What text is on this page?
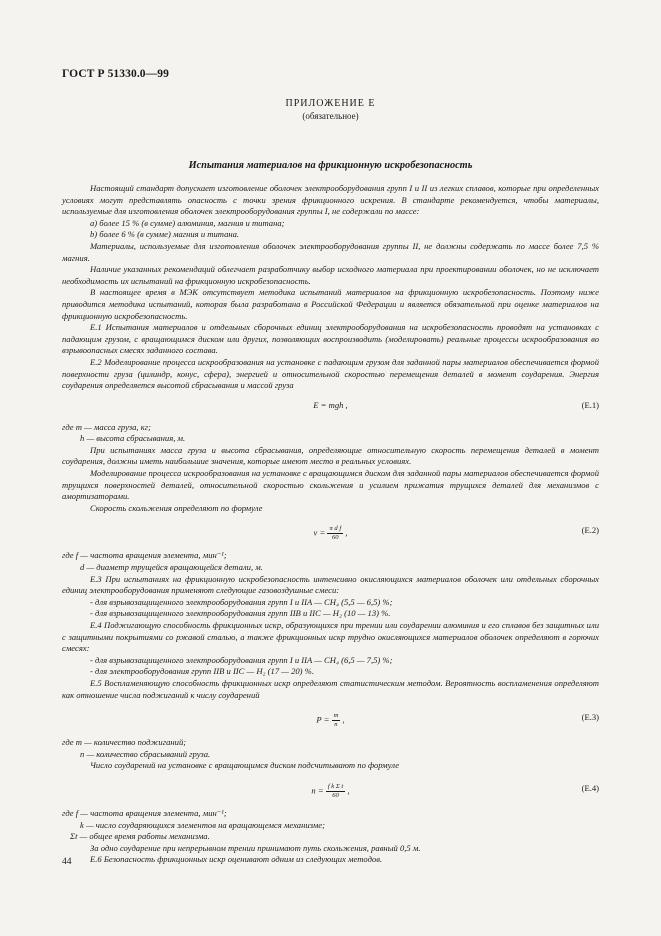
ГОСТ Р 51330.0—99
ПРИЛОЖЕНИЕ Е
(обязательное)
Испытания материалов на фрикционную искробезопасность

Настоящий стандарт допускает изготовление оболочек электрооборудования групп I и II из легких сплавов, которые при определенных условиях могут представлять опасность с точки зрения фрикционного искрения. В стандарте рекомендуется, чтобы материалы, используемые для изготовления оболочек электрооборудования группы I, не содержали по массе:

a) более 15 % (в сумме) алюминия, магния и титана;

b) более 6 % (в сумме) магния и титана.

Материалы, используемые для изготовления оболочек электрооборудования группы II, не должны содержать по массе более 7,5 % магния.

Наличие указанных рекомендаций облегчает разработчику выбор исходного материала при проектировании оболочек, но не исключает необходимость их испытаний на фрикционную искробезопасность.

В настоящее время в МЭК отсутствует методика испытаний материалов на фрикционную искробезопасность. Поэтому ниже приводится методика испытаний, которая была разработана в Российской Федерации и является обязательной при оценке материалов на фрикционную искробезопасность.

Е.1 Испытания материалов и отдельных сборочных единиц электрооборудования на искробезопасность проводят на установках с падающим грузом, с вращающимся диском или других, позволяющих воспроизводить (моделировать) реальные процессы искрообразования во взрывоопасных смесях заданного состава.

Е.2 Моделирование процесса искрообразования на установке с падающим грузом для заданной пары материалов обеспечивается формой поверхности груза (цилиндр, конус, сфера), энергией и относительной скоростью перемещения деталей в момент соударения. Энергия соударения определяется высотой сбрасывания и массой груза

E = mgh ,	(Е.1)

где m — масса груза, кг;

h — высота сбрасывания, м.

При испытаниях масса груза и высота сбрасывания, определяющие относительную скорость перемещения деталей в момент соударения, должны иметь наибольшие значения, которые имеют место в реальных условиях.

Моделирование процесса искрообразования на установке с вращающимся диском для заданной пары материалов обеспечивается формой трущихся поверхностей деталей, относительной скоростью скольжения и усилием прижатия трущихся деталей для механизмов с амортизаторами.

Скорость скольжения определяют по формуле

$v = \frac{\text{π d f}}{60}$ ,	(Е.2)

где f — частота вращения элемента, мин⁻¹;

d — диаметр трущейся вращающейся детали, м.

Е.3 При испытаниях на фрикционную искробезопасность интенсивно окисляющихся материалов оболочек или отдельных сборочных единиц электрооборудования применяют следующие газовоздушные смеси:

- для взрывозащищенного электрооборудования групп I и IIA — CH₄ (5,5 — 6,5) %;

- для взрывозащищенного электрооборудования групп IIB и IIC — H₂ (10 — 13) %.

Е.4 Поджигающую способность фрикционных искр, образующихся при трении или соударении алюминия и его сплавов без защитных или с защитными покрытиями со ржавой сталью, а также фрикционных искр трудно окисляющихся материалов оболочек определяют в горючих смесях:

- для взрывозащищенного электрооборудования групп I и IIA — CH₄ (6,5 — 7,5) %;

- для электрооборудования групп IIB и IIC — H₂ (17 — 20) %.

Е.5 Воспламеняющую способность фрикционных искр определяют статистическим методом. Вероятность воспламенения определяют как отношение числа поджиганий к числу соударений

$P = \frac{m}{n}$ ,	(Е.3)

где m — количество поджиганий;

n — количество сбрасываний груза.

Число соударений на установке с вращающимся диском подсчитывают по формуле

$n = \frac{\text{f k Σ t}}{60}$ ,	(Е.4)

где f — частота вращения элемента, мин⁻¹;

k — число соударяющихся элементов на вращающемся механизме;

Σt — общее время работы механизма.

За одно соударение при непрерывном трении принимают путь скольжения, равный 0,5 м.

Е.6 Безопасность фрикционных искр оценивают одним из следующих методов.

44
